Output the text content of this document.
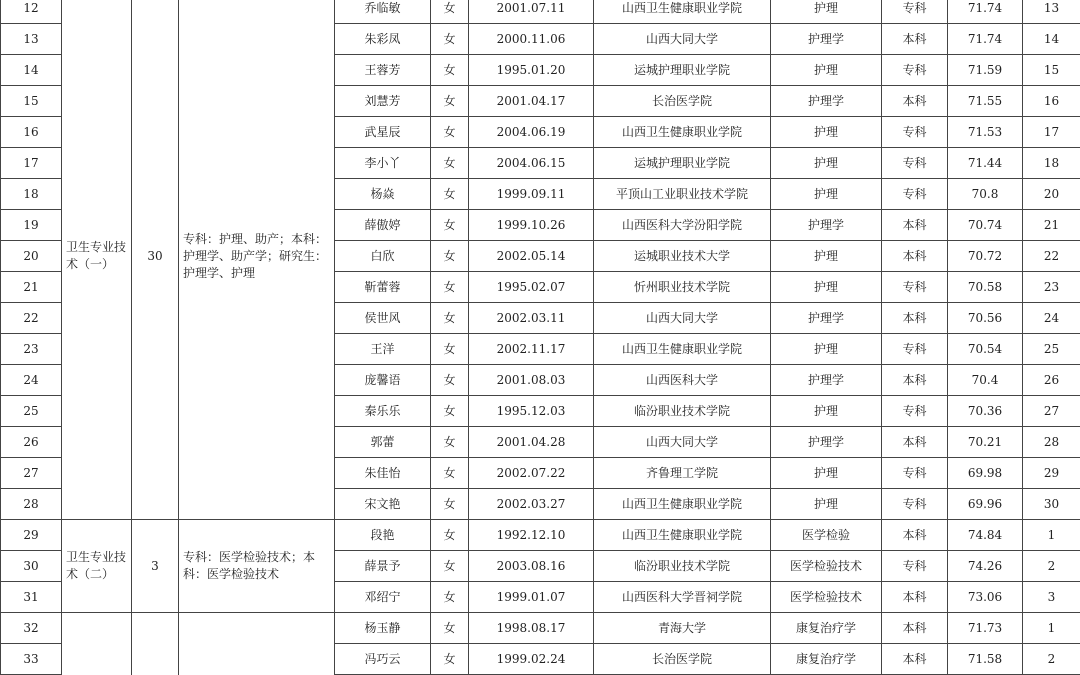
12	卫生专业技术（一）	30	专科：护理、助产；本科：护理学、助产学；研究生：护理学、护理	乔临敏	女	2001.07.11	山西卫生健康职业学院	护理	专科	71.74	13
13				朱彩凤	女	2000.11.06	山西大同大学	护理学	本科	71.74	14
14				王蓉芳	女	1995.01.20	运城护理职业学院	护理	专科	71.59	15
15				刘慧芳	女	2001.04.17	长治医学院	护理学	本科	71.55	16
16				武星辰	女	2004.06.19	山西卫生健康职业学院	护理	专科	71.53	17
17				李小丫	女	2004.06.15	运城护理职业学院	护理	专科	71.44	18
18				杨焱	女	1999.09.11	平顶山工业职业技术学院	护理	专科	70.8	20
19				薛傲婷	女	1999.10.26	山西医科大学汾阳学院	护理学	本科	70.74	21
20				白欣	女	2002.05.14	运城职业技术大学	护理	本科	70.72	22
21				靳蕾蓉	女	1995.02.07	忻州职业技术学院	护理	专科	70.58	23
22				侯世风	女	2002.03.11	山西大同大学	护理学	本科	70.56	24
23				王洋	女	2002.11.17	山西卫生健康职业学院	护理	专科	70.54	25
24				庞馨语	女	2001.08.03	山西医科大学	护理学	本科	70.4	26
25				秦乐乐	女	1995.12.03	临汾职业技术学院	护理	专科	70.36	27
26				郭蕾	女	2001.04.28	山西大同大学	护理学	本科	70.21	28
27				朱佳怡	女	2002.07.22	齐鲁理工学院	护理	专科	69.98	29
28				宋文艳	女	2002.03.27	山西卫生健康职业学院	护理	专科	69.96	30
29	卫生专业技术（二）	3	专科：医学检验技术；本科：医学检验技术	段艳	女	1992.12.10	山西卫生健康职业学院	医学检验	本科	74.84	1
30				薛景予	女	2003.08.16	临汾职业技术学院	医学检验技术	专科	74.26	2
31				邓绍宁	女	1999.01.07	山西医科大学晋祠学院	医学检验技术	本科	73.06	3
32				杨玉静	女	1998.08.17	青海大学	康复治疗学	本科	71.73	1
33				冯巧云	女	1999.02.24	长治医学院	康复治疗学	本科	71.58	2
